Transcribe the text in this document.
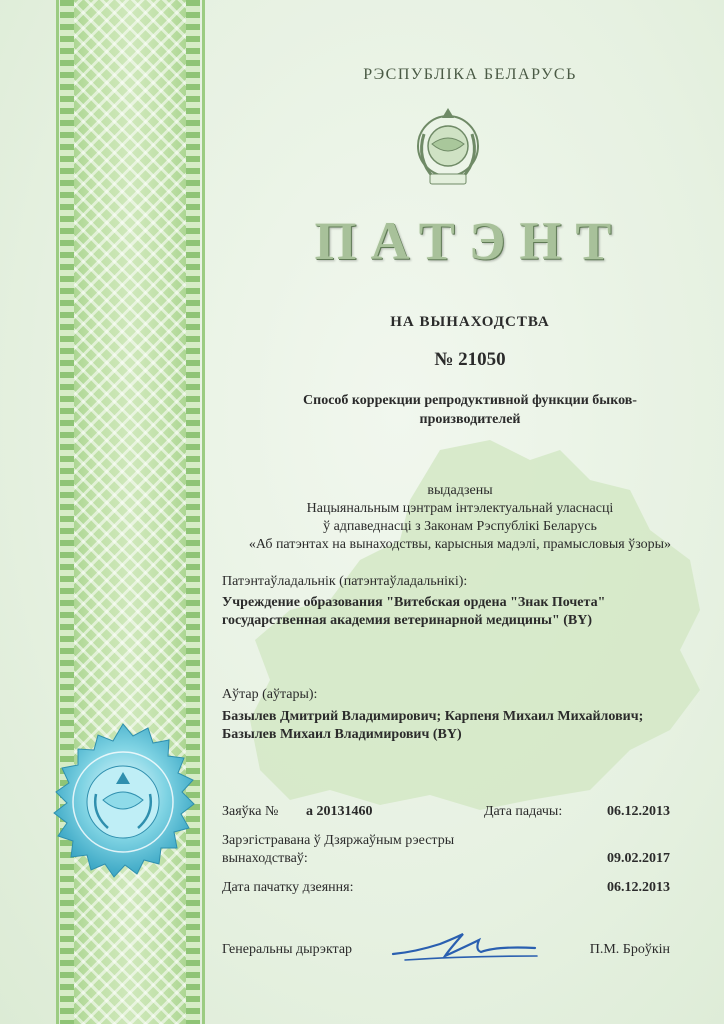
РЭСПУБЛІКА БЕЛАРУСЬ
ПАТЭНТ
НА ВЫНАХОДСТВА
№ 21050
Способ коррекции репродуктивной функции быков-
производителей
выдадзены
Нацыянальным цэнтрам інтэлектуальнай уласнасці
ў адпаведнасці з Законам Рэспублікі Беларусь
«Аб патэнтах на вынаходствы, карысныя мадэлі, прамысловыя ўзоры»
Патэнтаўладальнік (патэнтаўладальнікі):
Учреждение образования "Витебская ордена "Знак Почета"
государственная академия ветеринарной медицины" (BY)
Аўтар (аўтары):
Базылев Дмитрий Владимирович; Карпеня Михаил Михайлович;
Базылев Михаил Владимирович (BY)
Заяўка № a 20131460	Дата падачы:	06.12.2013
Зарэгістравана ў Дзяржаўным рэестры
вынаходстваў:	09.02.2017
Дата пачатку дзеяння:	06.12.2013
Генеральны дырэктар	П.М. Броўкін
